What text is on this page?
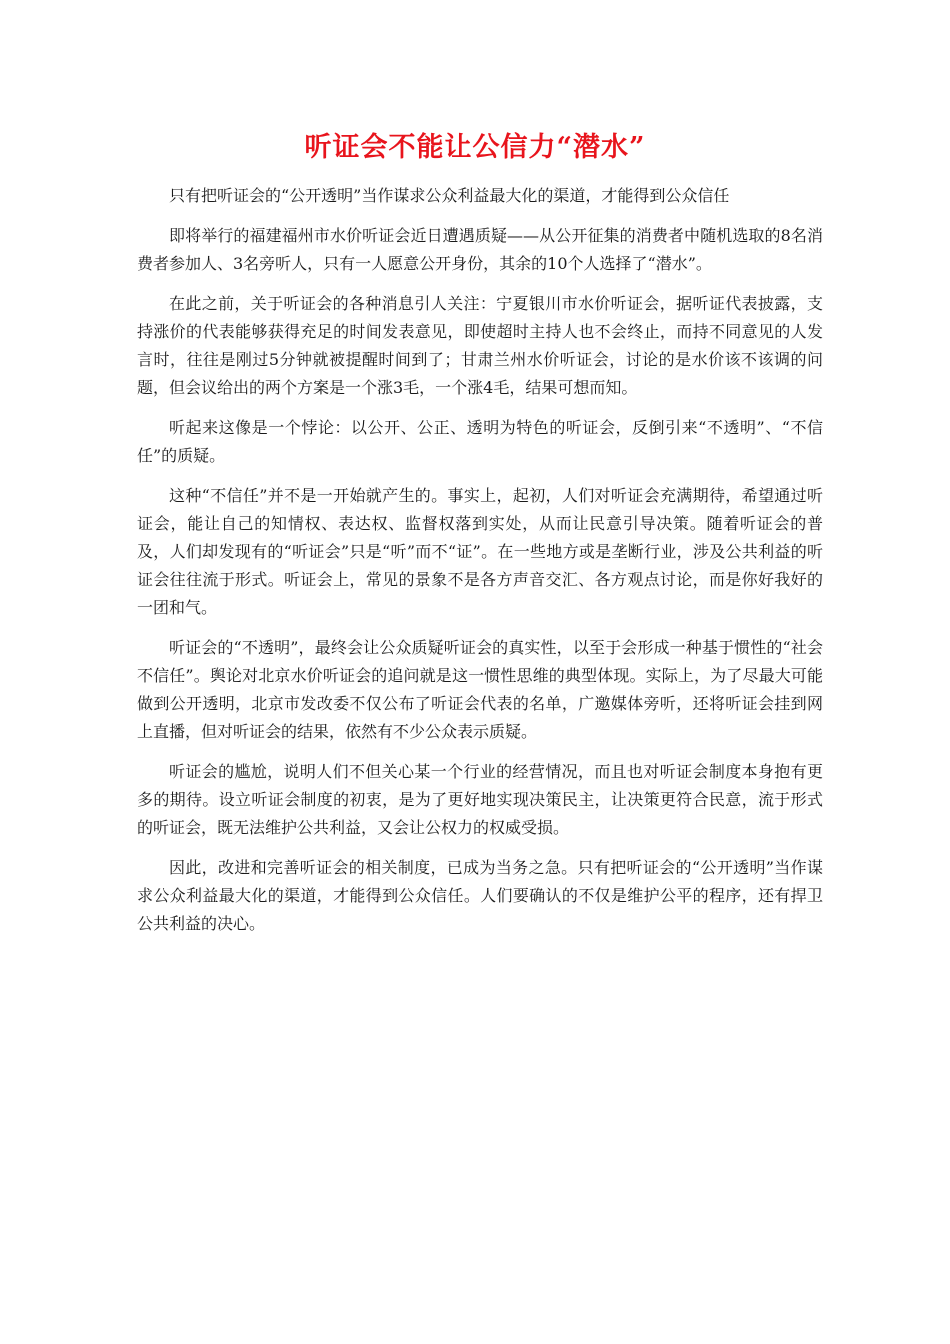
听证会不能让公信力“潜水”

只有把听证会的“公开透明”当作谋求公众利益最大化的渠道，才能得到公众信任

即将举行的福建福州市水价听证会近日遭遇质疑——从公开征集的消费者中随机选取的8名消费者参加人、3名旁听人，只有一人愿意公开身份，其余的10个人选择了“潜水”。

在此之前，关于听证会的各种消息引人关注：宁夏银川市水价听证会，据听证代表披露，支持涨价的代表能够获得充足的时间发表意见，即使超时主持人也不会终止，而持不同意见的人发言时，往往是刚过5分钟就被提醒时间到了；甘肃兰州水价听证会，讨论的是水价该不该调的问题，但会议给出的两个方案是一个涨3毛，一个涨4毛，结果可想而知。

听起来这像是一个悖论：以公开、公正、透明为特色的听证会，反倒引来“不透明”、“不信任”的质疑。

这种“不信任”并不是一开始就产生的。事实上，起初，人们对听证会充满期待，希望通过听证会，能让自己的知情权、表达权、监督权落到实处，从而让民意引导决策。随着听证会的普及，人们却发现有的“听证会”只是“听”而不“证”。在一些地方或是垄断行业，涉及公共利益的听证会往往流于形式。听证会上，常见的景象不是各方声音交汇、各方观点讨论，而是你好我好的一团和气。

听证会的“不透明”，最终会让公众质疑听证会的真实性，以至于会形成一种基于惯性的“社会不信任”。舆论对北京水价听证会的追问就是这一惯性思维的典型体现。实际上，为了尽最大可能做到公开透明，北京市发改委不仅公布了听证会代表的名单，广邀媒体旁听，还将听证会挂到网上直播，但对听证会的结果，依然有不少公众表示质疑。

听证会的尴尬，说明人们不但关心某一个行业的经营情况，而且也对听证会制度本身抱有更多的期待。设立听证会制度的初衷，是为了更好地实现决策民主，让决策更符合民意，流于形式的听证会，既无法维护公共利益，又会让公权力的权威受损。

因此，改进和完善听证会的相关制度，已成为当务之急。只有把听证会的“公开透明”当作谋求公众利益最大化的渠道，才能得到公众信任。人们要确认的不仅是维护公平的程序，还有捍卫公共利益的决心。
